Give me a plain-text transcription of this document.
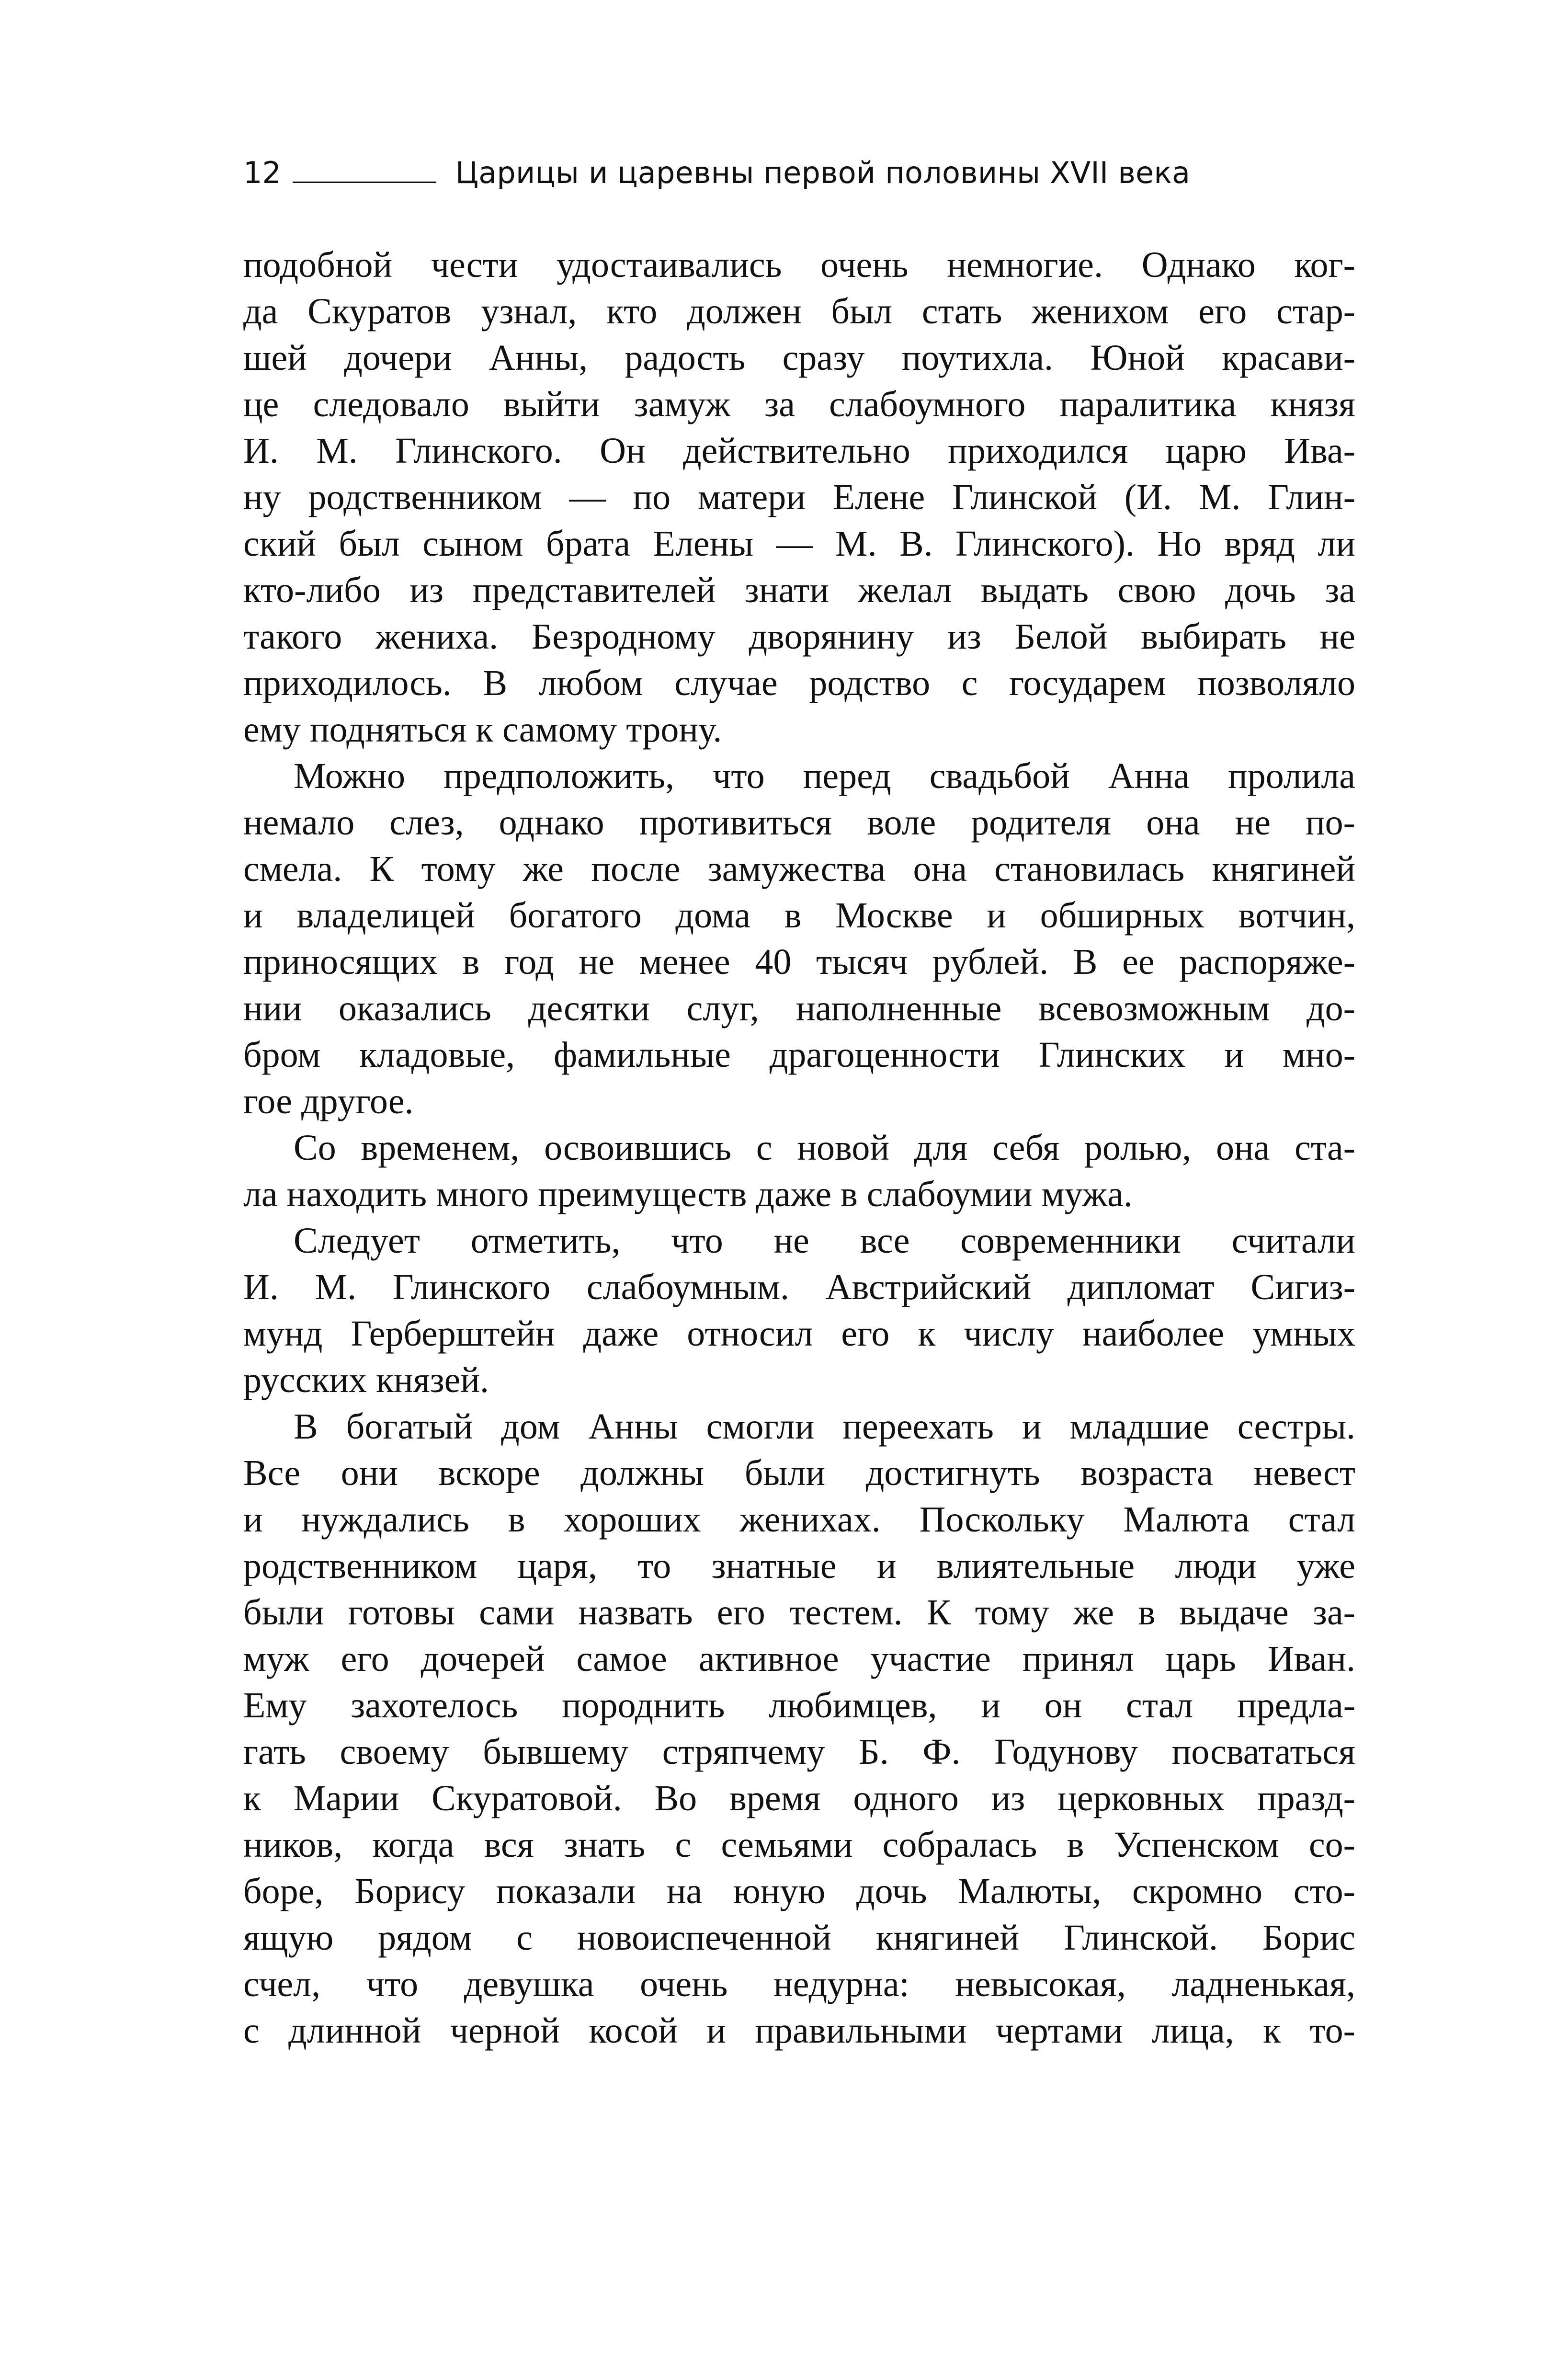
12	Царицы и царевны первой половины XVII века
подобной чести удостаивались очень немногие. Однако ког-
да Скуратов узнал, кто должен был стать женихом его стар-
шей дочери Анны, радость сразу поутихла. Юной красави-
це следовало выйти замуж за слабоумного паралитика князя
И. М. Глинского. Он действительно приходился царю Ива-
ну родственником — по матери Елене Глинской (И. М. Глин-
ский был сыном брата Елены — М. В. Глинского). Но вряд ли
кто-либо из представителей знати желал выдать свою дочь за
такого жениха. Безродному дворянину из Белой выбирать не
приходилось. В любом случае родство с государем позволяло
ему подняться к самому трону.
Можно предположить, что перед свадьбой Анна пролила
немало слез, однако противиться воле родителя она не по-
смела. К тому же после замужества она становилась княгиней
и владелицей богатого дома в Москве и обширных вотчин,
приносящих в год не менее 40 тысяч рублей. В ее распоряже-
нии оказались десятки слуг, наполненные всевозможным до-
бром кладовые, фамильные драгоценности Глинских и мно-
гое другое.
Со временем, освоившись с новой для себя ролью, она ста-
ла находить много преимуществ даже в слабоумии мужа.
Следует отметить, что не все современники считали
И. М. Глинского слабоумным. Австрийский дипломат Сигиз-
мунд Герберштейн даже относил его к числу наиболее умных
русских князей.
В богатый дом Анны смогли переехать и младшие сестры.
Все они вскоре должны были достигнуть возраста невест
и нуждались в хороших женихах. Поскольку Малюта стал
родственником царя, то знатные и влиятельные люди уже
были готовы сами назвать его тестем. К тому же в выдаче за-
муж его дочерей самое активное участие принял царь Иван.
Ему захотелось породнить любимцев, и он стал предла-
гать своему бывшему стряпчему Б. Ф. Годунову посвататься
к Марии Скуратовой. Во время одного из церковных празд-
ников, когда вся знать с семьями собралась в Успенском со-
боре, Борису показали на юную дочь Малюты, скромно сто-
ящую рядом с новоиспеченной княгиней Глинской. Борис
счел, что девушка очень недурна: невысокая, ладненькая,
с длинной черной косой и правильными чертами лица, к то-
